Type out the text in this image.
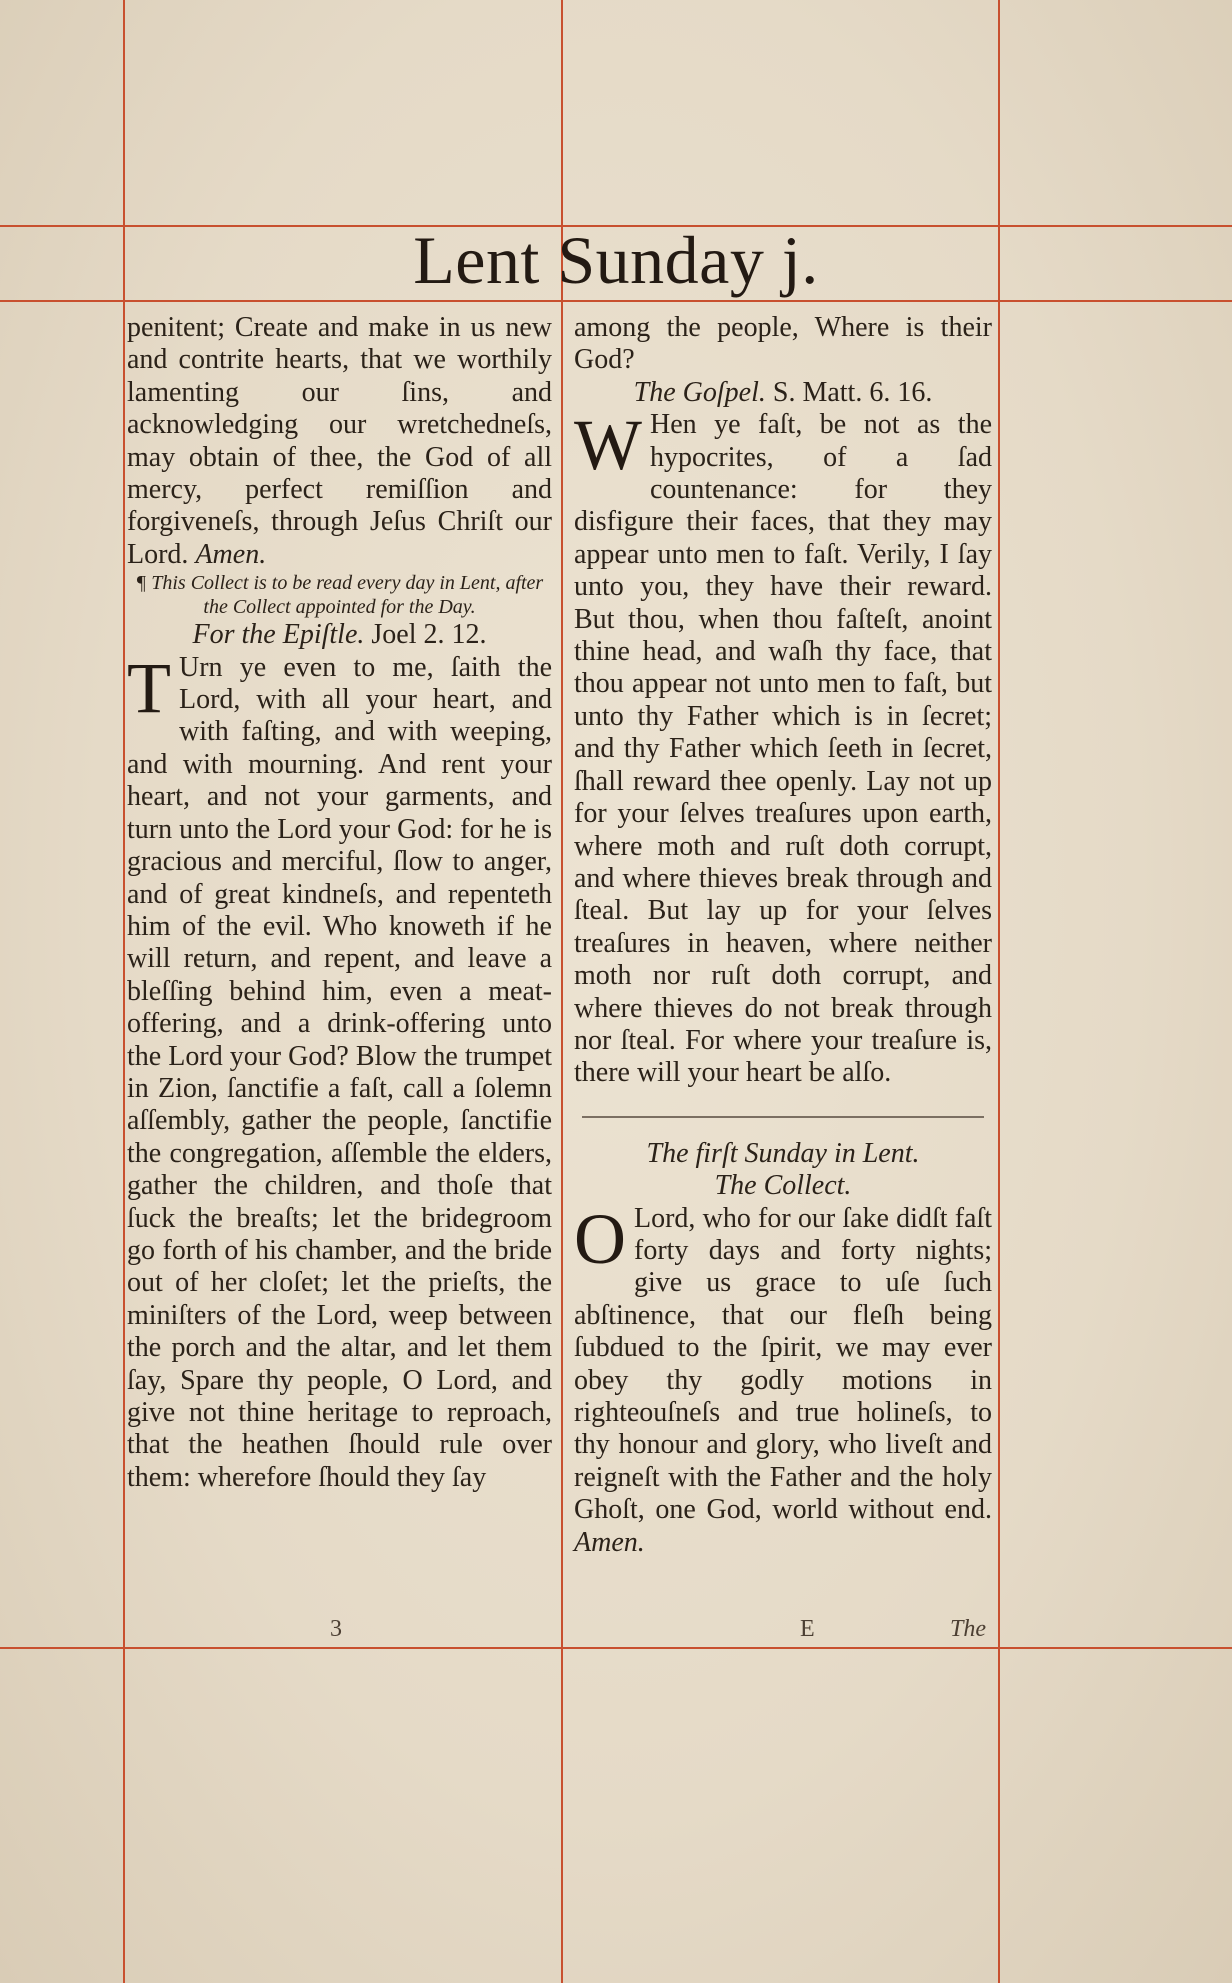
Lent Sunday j.

penitent; Create and make in us new and contrite hearts, that we worthily lamenting our ſins, and acknowledging our wretchedneſs, may obtain of thee, the God of all mercy, perfect remiſſion and forgiveneſs, through Jeſus Chriſt our Lord. Amen.

¶ This Collect is to be read every day in Lent, after the Collect appointed for the Day.

For the Epiſtle. Joel 2. 12.

T Urn ye even to me, ſaith the Lord, with all your heart, and with faſting, and with weeping, and with mourning. And rent your heart, and not your garments, and turn unto the Lord your God: for he is gracious and merciful, ſlow to anger, and of great kindneſs, and repenteth him of the evil. Who knoweth if he will return, and repent, and leave a bleſſing behind him, even a meat-offering, and a drink-offering unto the Lord your God? Blow the trumpet in Zion, ſanctifie a faſt, call a ſolemn aſſembly, gather the people, ſanctifie the congregation, aſſemble the elders, gather the children, and thoſe that ſuck the breaſts; let the bridegroom go forth of his chamber, and the bride out of her cloſet; let the prieſts, the miniſters of the Lord, weep between the porch and the altar, and let them ſay, Spare thy people, O Lord, and give not thine heritage to reproach, that the heathen ſhould rule over them: wherefore ſhould they ſay

among the people, Where is their God?

The Goſpel. S. Matt. 6. 16.

W Hen ye faſt, be not as the hypocrites, of a ſad countenance: for they disfigure their faces, that they may appear unto men to faſt. Verily, I ſay unto you, they have their reward. But thou, when thou faſteſt, anoint thine head, and waſh thy face, that thou appear not unto men to faſt, but unto thy Father which is in ſecret; and thy Father which ſeeth in ſecret, ſhall reward thee openly. Lay not up for your ſelves treaſures upon earth, where moth and ruſt doth corrupt, and where thieves break through and ſteal. But lay up for your ſelves treaſures in heaven, where neither moth nor ruſt doth corrupt, and where thieves do not break through nor ſteal. For where your treaſure is, there will your heart be alſo.

The firſt Sunday in Lent.

The Collect.

O Lord, who for our ſake didſt faſt forty days and forty nights; give us grace to uſe ſuch abſtinence, that our fleſh being ſubdued to the ſpirit, we may ever obey thy godly motions in righteouſneſs and true holineſs, to thy honour and glory, who liveſt and reigneſt with the Father and the holy Ghoſt, one God, world without end. Amen.

3	E	The
